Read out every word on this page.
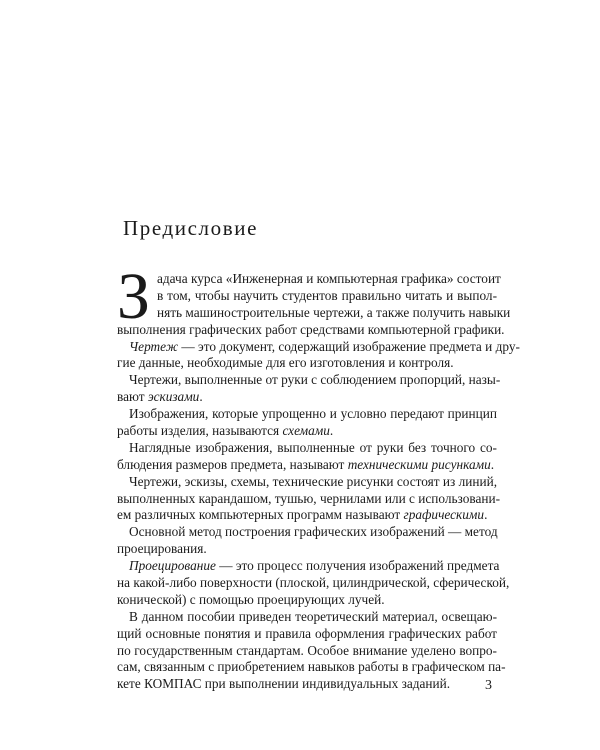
Предисловие
З адача курса «Инженерная и компьютерная графика» состоит
в том, чтобы научить студентов правильно читать и выпол-
нять машиностроительные чертежи, а также получить навыки
выполнения графических работ средствами компьютерной графики.
Чертеж — это документ, содержащий изображение предмета и дру-
гие данные, необходимые для его изготовления и контроля.
Чертежи, выполненные от руки с соблюдением пропорций, назы-
вают эскизами.
Изображения, которые упрощенно и условно передают принцип
работы изделия, называются схемами.
Наглядные изображения, выполненные от руки без точного со-
блюдения размеров предмета, называют техническими рисунками.
Чертежи, эскизы, схемы, технические рисунки состоят из линий,
выполненных карандашом, тушью, чернилами или с использовани-
ем различных компьютерных программ называют графическими.
Основной метод построения графических изображений — метод
проецирования.
Проецирование — это процесс получения изображений предмета
на какой-либо поверхности (плоской, цилиндрической, сферической,
конической) с помощью проецирующих лучей.
В данном пособии приведен теоретический материал, освещаю-
щий основные понятия и правила оформления графических работ
по государственным стандартам. Особое внимание уделено вопро-
сам, связанным с приобретением навыков работы в графическом па-
кете КОМПАС при выполнении индивидуальных заданий.	3
